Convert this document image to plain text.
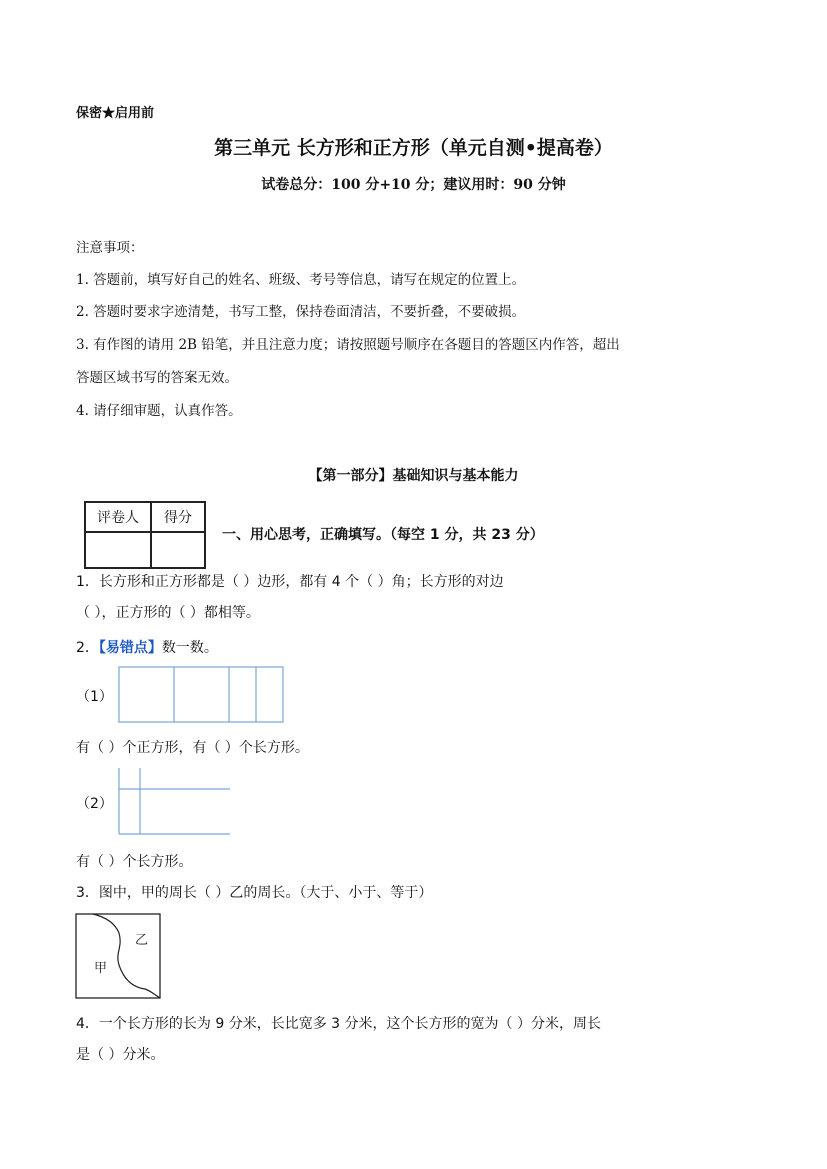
保密★启用前
第三单元 长方形和正方形（单元自测•提高卷）
试卷总分：100 分+10 分；建议用时：90 分钟
注意事项：
1. 答题前，填写好自己的姓名、班级、考号等信息，请写在规定的位置上。
2. 答题时要求字迹清楚，书写工整，保持卷面清洁，不要折叠，不要破损。
3. 有作图的请用 2B 铅笔，并且注意力度；请按照题号顺序在各题目的答题区内作答，超出
答题区域书写的答案无效。
4. 请仔细审题，认真作答。
【第一部分】基础知识与基本能力
评卷人	得分

一、用心思考，正确填写。（每空 1 分，共 23 分）
1．长方形和正方形都是（ ）边形，都有 4 个（ ）角；长方形的对边
（ ），正方形的（ ）都相等。
2．【易错点】数一数。
（1）
有（ ）个正方形，有（ ）个长方形。
（2）
有（ ）个长方形。
3．图中，甲的周长（ ）乙的周长。（大于、小于、等于）
甲
乙
4．一个长方形的长为 9 分米，长比宽多 3 分米，这个长方形的宽为（ ）分米，周长
是（ ）分米。
